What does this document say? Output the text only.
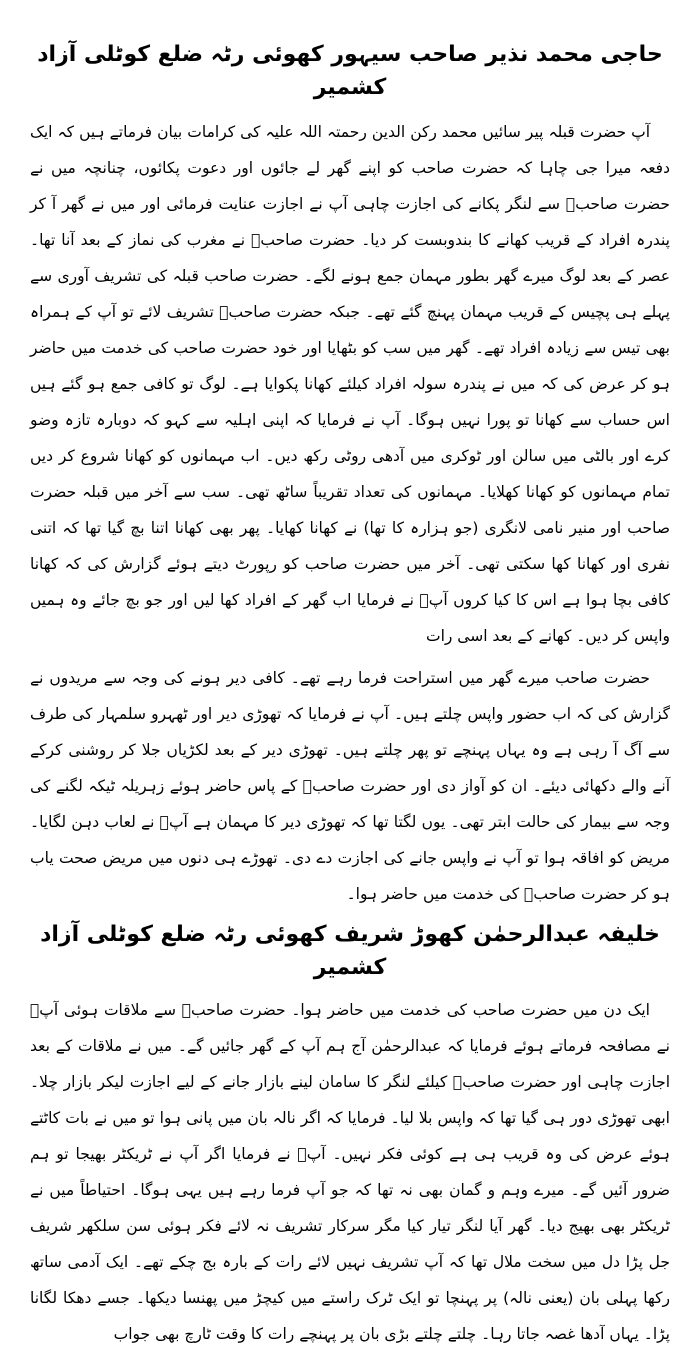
حاجی محمد نذیر صاحب سیہور کھوئی رٹہ ضلع کوٹلی آزاد کشمیر

آپ حضرت قبلہ پیر سائیں محمد رکن الدین رحمتہ اللہ علیہ کی کرامات بیان فرماتے ہیں کہ ایک دفعہ میرا جی چاہا کہ حضرت صاحب کو اپنے گھر لے جائوں اور دعوت پکائوں، چنانچہ میں نے حضرت صاحبؒ سے لنگر پکانے کی اجازت چاہی آپ نے اجازت عنایت فرمائی اور میں نے گھر آ کر پندرہ افراد کے قریب کھانے کا بندوبست کر دیا۔ حضرت صاحبؒ نے مغرب کی نماز کے بعد آنا تھا۔ عصر کے بعد لوگ میرے گھر بطور مہمان جمع ہونے لگے۔ حضرت صاحب قبلہ کی تشریف آوری سے پہلے ہی پچیس کے قریب مہمان پہنچ گئے تھے۔ جبکہ حضرت صاحبؒ تشریف لائے تو آپ کے ہمراہ بھی تیس سے زیادہ افراد تھے۔ گھر میں سب کو بٹھایا اور خود حضرت صاحب کی خدمت میں حاضر ہو کر عرض کی کہ میں نے پندرہ سولہ افراد کیلئے کھانا پکوایا ہے۔ لوگ تو کافی جمع ہو گئے ہیں اس حساب سے کھانا تو پورا نہیں ہوگا۔ آپ نے فرمایا کہ اپنی اہلیہ سے کہو کہ دوبارہ تازہ وضو کرے اور بالٹی میں سالن اور ٹوکری میں آدھی روٹی رکھ دیں۔ اب مہمانوں کو کھانا شروع کر دیں تمام مہمانوں کو کھانا کھلایا۔ مہمانوں کی تعداد تقریباً ساٹھ تھی۔ سب سے آخر میں قبلہ حضرت صاحب اور منیر نامی لانگری (جو ہزارہ کا تھا) نے کھانا کھایا۔ پھر بھی کھانا اتنا بچ گیا تھا کہ اتنی نفری اور کھانا کھا سکتی تھی۔ آخر میں حضرت صاحب کو رپورٹ دیتے ہوئے گزارش کی کہ کھانا کافی بچا ہوا ہے اس کا کیا کروں آپؒ نے فرمایا اب گھر کے افراد کھا لیں اور جو بچ جائے وہ ہمیں واپس کر دیں۔ کھانے کے بعد اسی رات

حضرت صاحب میرے گھر میں استراحت فرما رہے تھے۔ کافی دیر ہونے کی وجہ سے مریدوں نے گزارش کی کہ اب حضور واپس چلتے ہیں۔ آپ نے فرمایا کہ تھوڑی دیر اور ٹھہرو سلمہار کی طرف سے آگ آ رہی ہے وہ یہاں پہنچے تو پھر چلتے ہیں۔ تھوڑی دیر کے بعد لکڑیاں جلا کر روشنی کرکے آنے والے دکھائی دیئے۔ ان کو آواز دی اور حضرت صاحبؒ کے پاس حاضر ہوئے زہریلہ ٹیکہ لگنے کی وجہ سے بیمار کی حالت ابتر تھی۔ یوں لگتا تھا کہ تھوڑی دیر کا مہمان ہے آپؒ نے لعاب دہن لگایا۔ مریض کو افاقہ ہوا تو آپ نے واپس جانے کی اجازت دے دی۔ تھوڑے ہی دنوں میں مریض صحت یاب ہو کر حضرت صاحبؒ کی خدمت میں حاضر ہوا۔

خلیفہ عبدالرحمٰن کھوڑ شریف کھوئی رٹہ ضلع کوٹلی آزاد کشمیر

ایک دن میں حضرت صاحب کی خدمت میں حاضر ہوا۔ حضرت صاحبؒ سے ملاقات ہوئی آپؒ نے مصافحہ فرماتے ہوئے فرمایا کہ عبدالرحمٰن آج ہم آپ کے گھر جائیں گے۔ میں نے ملاقات کے بعد اجازت چاہی اور حضرت صاحبؒ کیلئے لنگر کا سامان لینے بازار جانے کے لیے اجازت لیکر بازار چلا۔ ابھی تھوڑی دور ہی گیا تھا کہ واپس بلا لیا۔ فرمایا کہ اگر نالہ بان میں پانی ہوا تو میں نے بات کاٹتے ہوئے عرض کی وہ قریب ہی ہے کوئی فکر نہیں۔ آپؒ نے فرمایا اگر آپ نے ٹریکٹر بھیجا تو ہم ضرور آئیں گے۔ میرے وہم و گمان بھی نہ تھا کہ جو آپ فرما رہے ہیں یہی ہوگا۔ احتیاطاً میں نے ٹریکٹر بھی بھیج دیا۔ گھر آیا لنگر تیار کیا مگر سرکار تشریف نہ لائے فکر ہوئی سن سلکھر شریف جل پڑا دل میں سخت ملال تھا کہ آپ تشریف نہیں لائے رات کے بارہ بج چکے تھے۔ ایک آدمی ساتھ رکھا پہلی بان (یعنی نالہ) پر پہنچا تو ایک ٹرک راستے میں کیچڑ میں پھنسا دیکھا۔ جسے دھکا لگانا پڑا۔ یہاں آدھا غصہ جاتا رہا۔ چلتے چلتے بڑی بان پر پہنچے رات کا وقت ٹارچ بھی جواب
